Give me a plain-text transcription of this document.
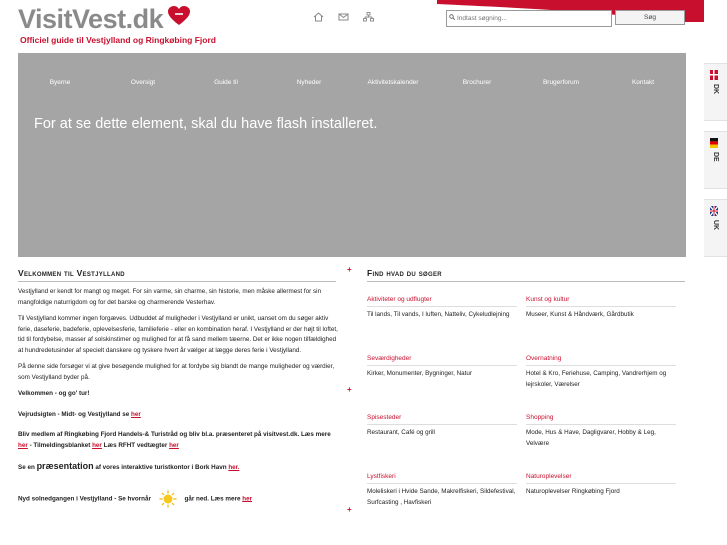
VisitVest.dk
Officiel guide til Vestjylland og Ringkøbing Fjord
Indtast søgning...
Søg
Byerne	Oversigt	Guide til	Nyheder	Aktivitetskalender	Brochurer	Brugerforum	Kontakt
For at se dette element, skal du have flash installeret.
DK
DE
UK
+
+
+
Velkommen til Vestjylland

Vestjylland er kendt for mangt og meget. For sin varme, sin charme, sin historie, men måske allermest for sin mangfoldige naturrigdom og for det barske og charmerende Vesterhav.

Til Vestjylland kommer ingen forgæves. Udbuddet af muligheder i Vestjylland er unikt, uanset om du søger aktiv ferie, daseferie, badeferie, oplevelsesferie, familieferie - eller en kombination heraf. I Vestjylland er der højt til loftet, tid til fordybelse, masser af solskinstimer og mulighed for at få sand mellem tæerne. Det er ikke nogen tilfældighed at hundredetusinder af specielt danskere og tyskere hvert år vælger at lægge deres ferie i Vestjylland.

På denne side forsøger vi at give besøgende mulighed for at fordybe sig blandt de mange muligheder og værdier, som Vestjylland byder på.

Velkommen - og go' tur!

Vejrudsigten - Midt- og Vestjylland se her

Bliv medlem af Ringkøbing Fjord Handels-& Turistråd og bliv bl.a. præsenteret på visitvest.dk. Læs mere her - Tilmeldingsblanket her Læs RFHT vedtægter her

Se en præsentation af vores interaktive turistkontor i Bork Havn her.

Nyd solnedgangen i Vestjylland - Se hvornår	går ned. Læs mere her

Find hvad du søger
Aktiviteter og udflugter
Til lands, Til vands, I luften, Natteliv, Cykeludlejning
Kunst og kultur
Museer, Kunst & Håndværk, Gårdbutik
Seværdigheder
Kirker, Monumenter, Bygninger, Natur
Overnatning
Hotel & Kro, Feriehuse, Camping, Vandrerhjem og lejrskoler, Værelser
Spisesteder
Restaurant, Café og grill
Shopping
Mode, Hus & Have, Dagligvarer, Hobby & Leg, Velvære
Lystfiskeri
Moleliskeri i Hvide Sande, Makrelfiskeri, Sildefestival, Surfcasting , Havfiskeri
Naturoplevelser
Naturoplevelser Ringkøbing Fjord
